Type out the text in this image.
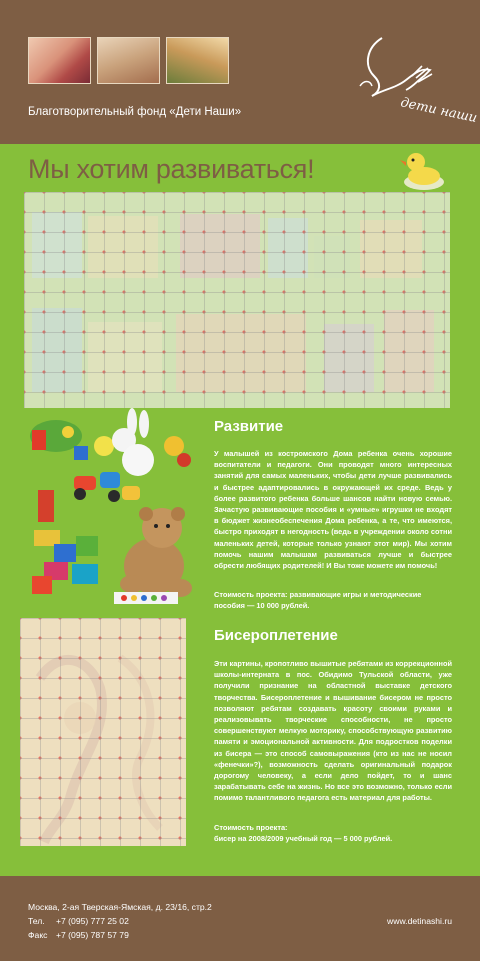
Благотворительный фонд «Дети Наши»	дети наши
Мы хотим развиваться!
Развитие
У малышей из костромского Дома ребенка очень хорошие воспитатели и педагоги. Они проводят много интересных занятий для самых маленьких, чтобы дети лучше развивались и быстрее адаптировались в окружающей их среде. Ведь у более развитого ребенка больше шансов найти новую семью. Зачастую развивающие пособия и «умные» игрушки не входят в бюджет жизнеобеспечения Дома ребенка, а те, что имеются, быстро приходят в негодность (ведь в учреждении около сотни маленьких детей, которые только узнают этот мир). Мы хотим помочь нашим малышам развиваться лучше и быстрее обрести любящих родителей! И Вы тоже можете им помочь!
Стоимость проекта: развивающие игры и методические пособия — 10 000 рублей.
Бисероплетение
Эти картины, кропотливо вышитые ребятами из коррекционной школы-интерната в пос. Обидимо Тульской области, уже получили признание на областной выставке детского творчества. Бисероплетение и вышивание бисером не просто позволяют ребятам создавать красоту своими руками и реализовывать творческие способности, не просто совершенствуют мелкую моторику, способствующую развитию памяти и эмоциональной активности. Для подростков поделки из бисера — это способ самовыражения (кто из нас не носил «фенечки»?), возможность сделать оригинальный подарок дорогому человеку, а если дело пойдет, то и шанс зарабатывать себе на жизнь. Но все это возможно, только если помимо талантливого педагога есть материал для работы.
Стоимость проекта:
бисер на 2008/2009 учебный год — 5 000 рублей.
Москва, 2-ая Тверская-Ямская, д. 23/16, стр.2
Тел. +7 (095) 777 25 02
Факс +7 (095) 787 57 79
www.detinashi.ru
